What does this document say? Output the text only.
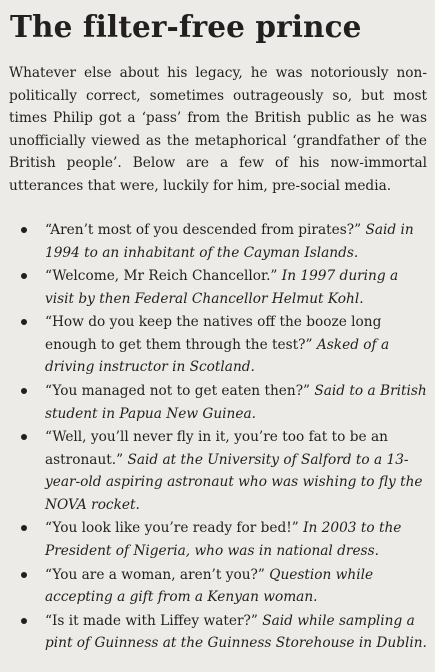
The filter-free prince

Whatever else about his legacy, he was notoriously non-politically correct, sometimes outrageously so, but most times Philip got a ‘pass’ from the British public as he was unofficially viewed as the metaphorical ‘grandfather of the British people’. Below are a few of his now-immortal utterances that were, luckily for him, pre-social media.

“Aren’t most of you descended from pirates?” Said in 1994 to an inhabitant of the Cayman Islands.
“Welcome, Mr Reich Chancellor.” In 1997 during a visit by then Federal Chancellor Helmut Kohl.
“How do you keep the natives off the booze long enough to get them through the test?” Asked of a driving instructor in Scotland.
“You managed not to get eaten then?” Said to a British student in Papua New Guinea.
“Well, you’ll never fly in it, you’re too fat to be an astronaut.” Said at the University of Salford to a 13-year-old aspiring astronaut who was wishing to fly the NOVA rocket.
“You look like you’re ready for bed!” In 2003 to the President of Nigeria, who was in national dress.
“You are a woman, aren’t you?” Question while accepting a gift from a Kenyan woman.
“Is it made with Liffey water?” Said while sampling a pint of Guinness at the Guinness Storehouse in Dublin.
